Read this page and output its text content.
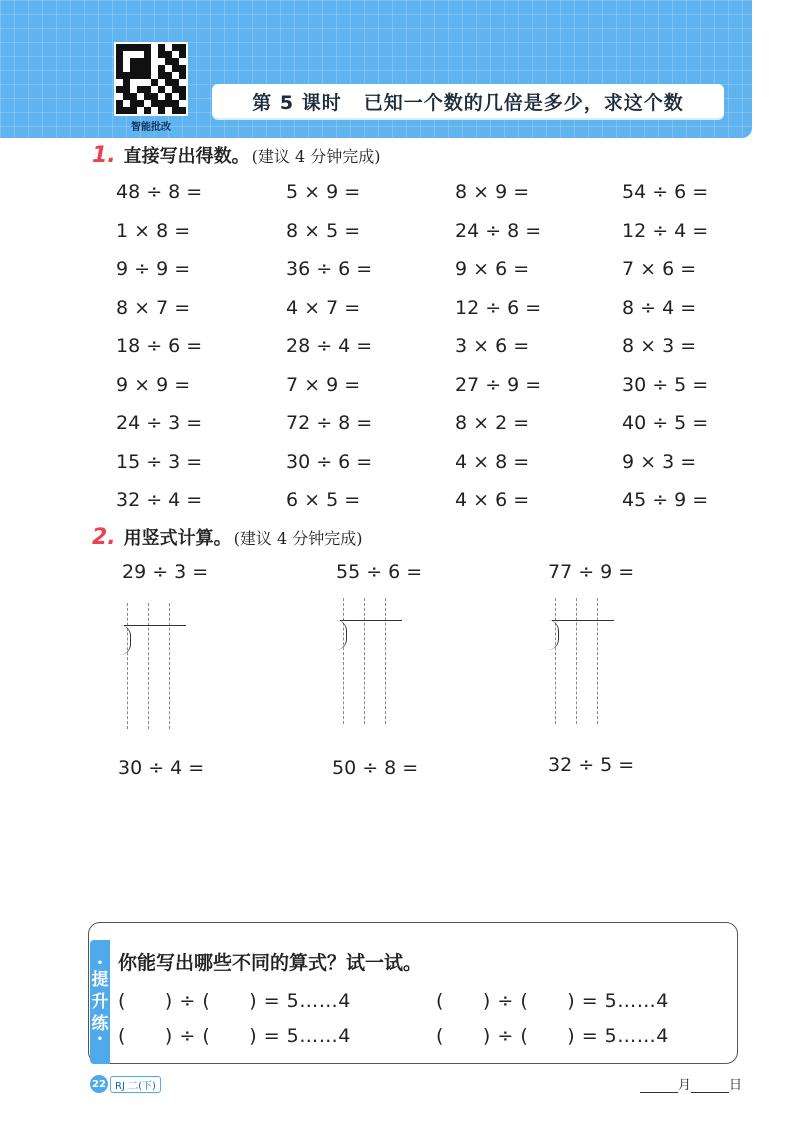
智能批改
第 5 课时 已知一个数的几倍是多少，求这个数
1. 直接写出得数。 (建议 4 分钟完成)
48 ÷ 8 =	5 × 9 =	8 × 9 =	54 ÷ 6 =
1 × 8 =	8 × 5 =	24 ÷ 8 =	12 ÷ 4 =
9 ÷ 9 =	36 ÷ 6 =	9 × 6 =	7 × 6 =
8 × 7 =	4 × 7 =	12 ÷ 6 =	8 ÷ 4 =
18 ÷ 6 =	28 ÷ 4 =	3 × 6 =	8 × 3 =
9 × 9 =	7 × 9 =	27 ÷ 9 =	30 ÷ 5 =
24 ÷ 3 =	72 ÷ 8 =	8 × 2 =	40 ÷ 5 =
15 ÷ 3 =	30 ÷ 6 =	4 × 8 =	9 × 3 =
32 ÷ 4 =	6 × 5 =	4 × 6 =	45 ÷ 9 =
2. 用竖式计算。 (建议 4 分钟完成)
29 ÷ 3 =	55 ÷ 6 =	77 ÷ 9 =
30 ÷ 4 =	50 ÷ 8 =	32 ÷ 5 =
•
提
升
练
•
你能写出哪些不同的算式？试一试。
(　　) ÷ (　　) = 5……4	(　　) ÷ (　　) = 5……4
(　　) ÷ (　　) = 5……4	(　　) ÷ (　　) = 5……4
22 RJ 二(下)	月	日
